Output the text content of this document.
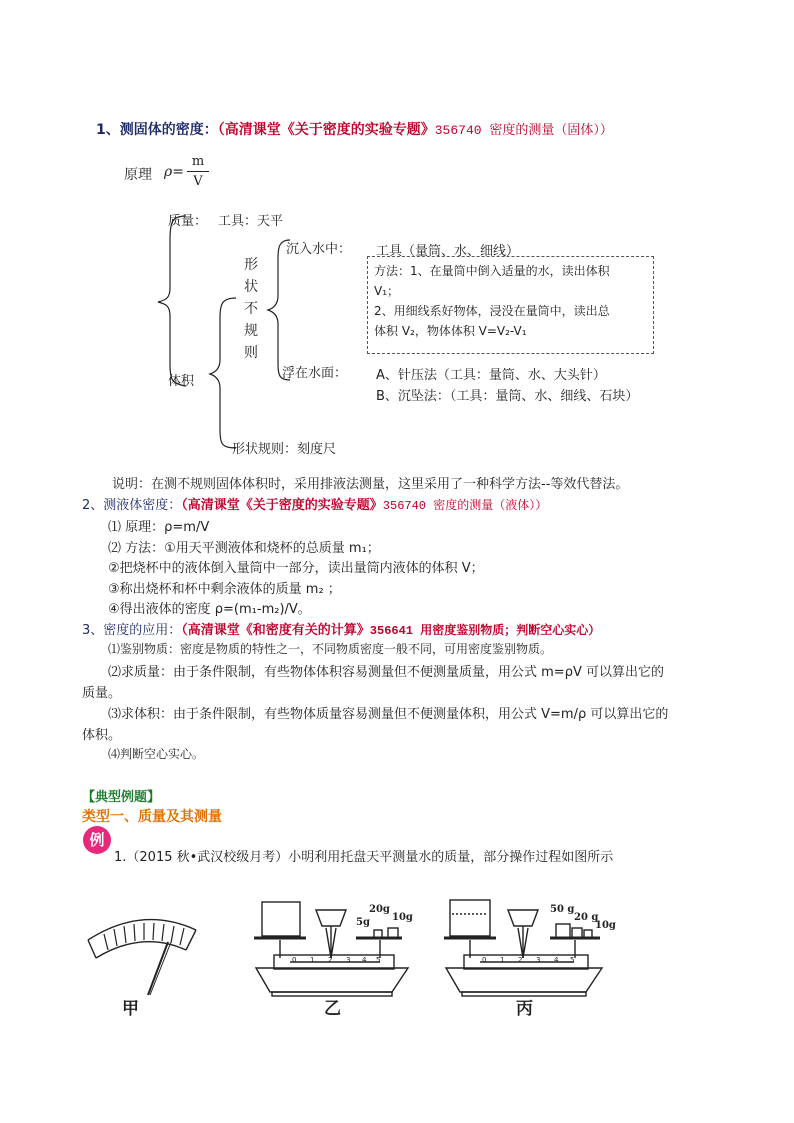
1、测固体的密度：（高清课堂《关于密度的实验专题》356740 密度的测量（固体））
原理 ρ=
m
V
质量： 工具：天平
形
状
不
规
则
沉入水中： 工具（量筒、水、细线）
方法：1、在量筒中倒入适量的水，读出体积
V₁；
2、用细线系好物体，浸没在量筒中，读出总
体积 V₂，物体体积 V=V₂-V₁
体积
浮在水面： A、针压法（工具：量筒、水、大头针）
B、沉坠法：（工具：量筒、水、细线、石块）
形状规则：刻度尺
说明：在测不规则固体体积时，采用排液法测量，这里采用了一种科学方法--等效代替法。
2、测液体密度：（高清课堂《关于密度的实验专题》356740 密度的测量（液体））
⑴ 原理：ρ=m/V
⑵ 方法：①用天平测液体和烧杯的总质量 m₁；
②把烧杯中的液体倒入量筒中一部分，读出量筒内液体的体积 V；
③称出烧杯和杯中剩余液体的质量 m₂ ；
④得出液体的密度 ρ=(m₁-m₂)/V。
3、密度的应用：（高清课堂《和密度有关的计算》356641 用密度鉴别物质；判断空心实心）
⑴鉴别物质：密度是物质的特性之一，不同物质密度一般不同，可用密度鉴别物质。
⑵求质量：由于条件限制，有些物体体积容易测量但不便测量质量，用公式 m=ρV 可以算出它的
质量。
⑶求体积：由于条件限制，有些物体质量容易测量但不便测量体积，用公式 V=m/ρ 可以算出它的
体积。
⑷判断空心实心。
【典型例题】
类型一、质量及其测量
例
1.（2015 秋•武汉校级月考）小明利用托盘天平测量水的质量，部分操作过程如图所示
甲	乙	丙
5g
20g
10g
50 g
20 g
10g
0 1 2 3 4 5	0 1 2 3 4 5
